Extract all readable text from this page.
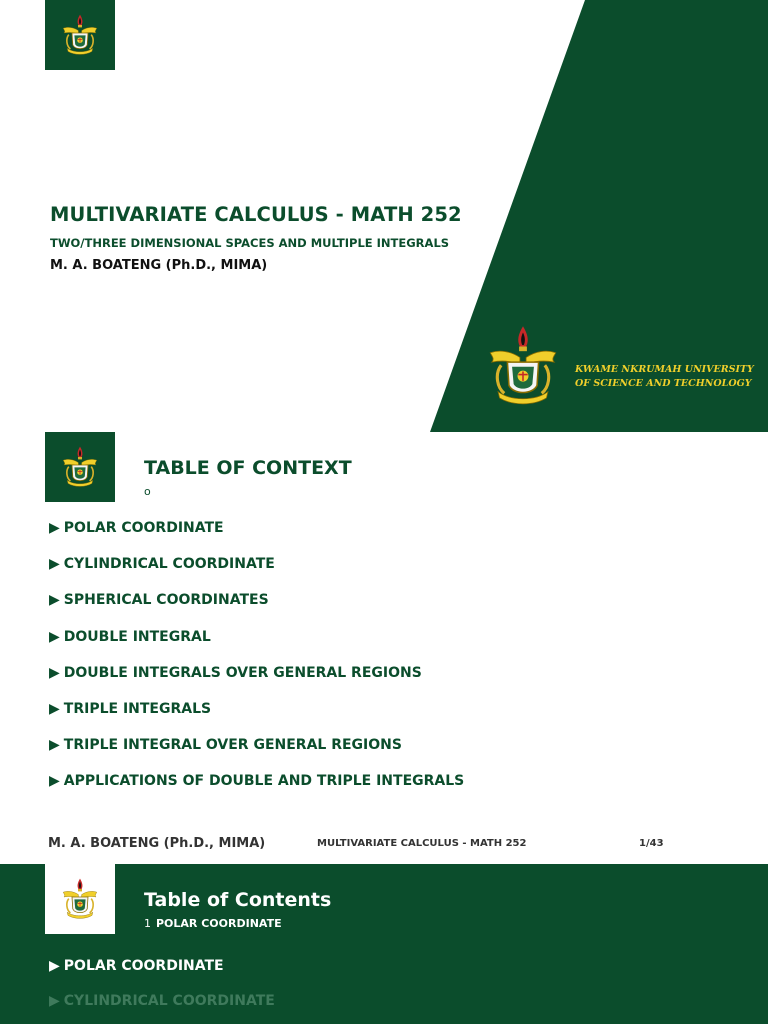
MULTIVARIATE CALCULUS - MATH 252
TWO/THREE DIMENSIONAL SPACES AND MULTIPLE INTEGRALS
M. A. BOATENG (Ph.D., MIMA)
KWAME NKRUMAH UNIVERSITY
OF SCIENCE AND TECHNOLOGY
TABLE OF CONTEXT
o
▶ POLAR COORDINATE
▶ CYLINDRICAL COORDINATE
▶ SPHERICAL COORDINATES
▶ DOUBLE INTEGRAL
▶ DOUBLE INTEGRALS OVER GENERAL REGIONS
▶ TRIPLE INTEGRALS
▶ TRIPLE INTEGRAL OVER GENERAL REGIONS
▶ APPLICATIONS OF DOUBLE AND TRIPLE INTEGRALS
M. A. BOATENG (Ph.D., MIMA)	MULTIVARIATE CALCULUS - MATH 252	1/43
Table of Contents
1 POLAR COORDINATE
▶ POLAR COORDINATE
▶ CYLINDRICAL COORDINATE
